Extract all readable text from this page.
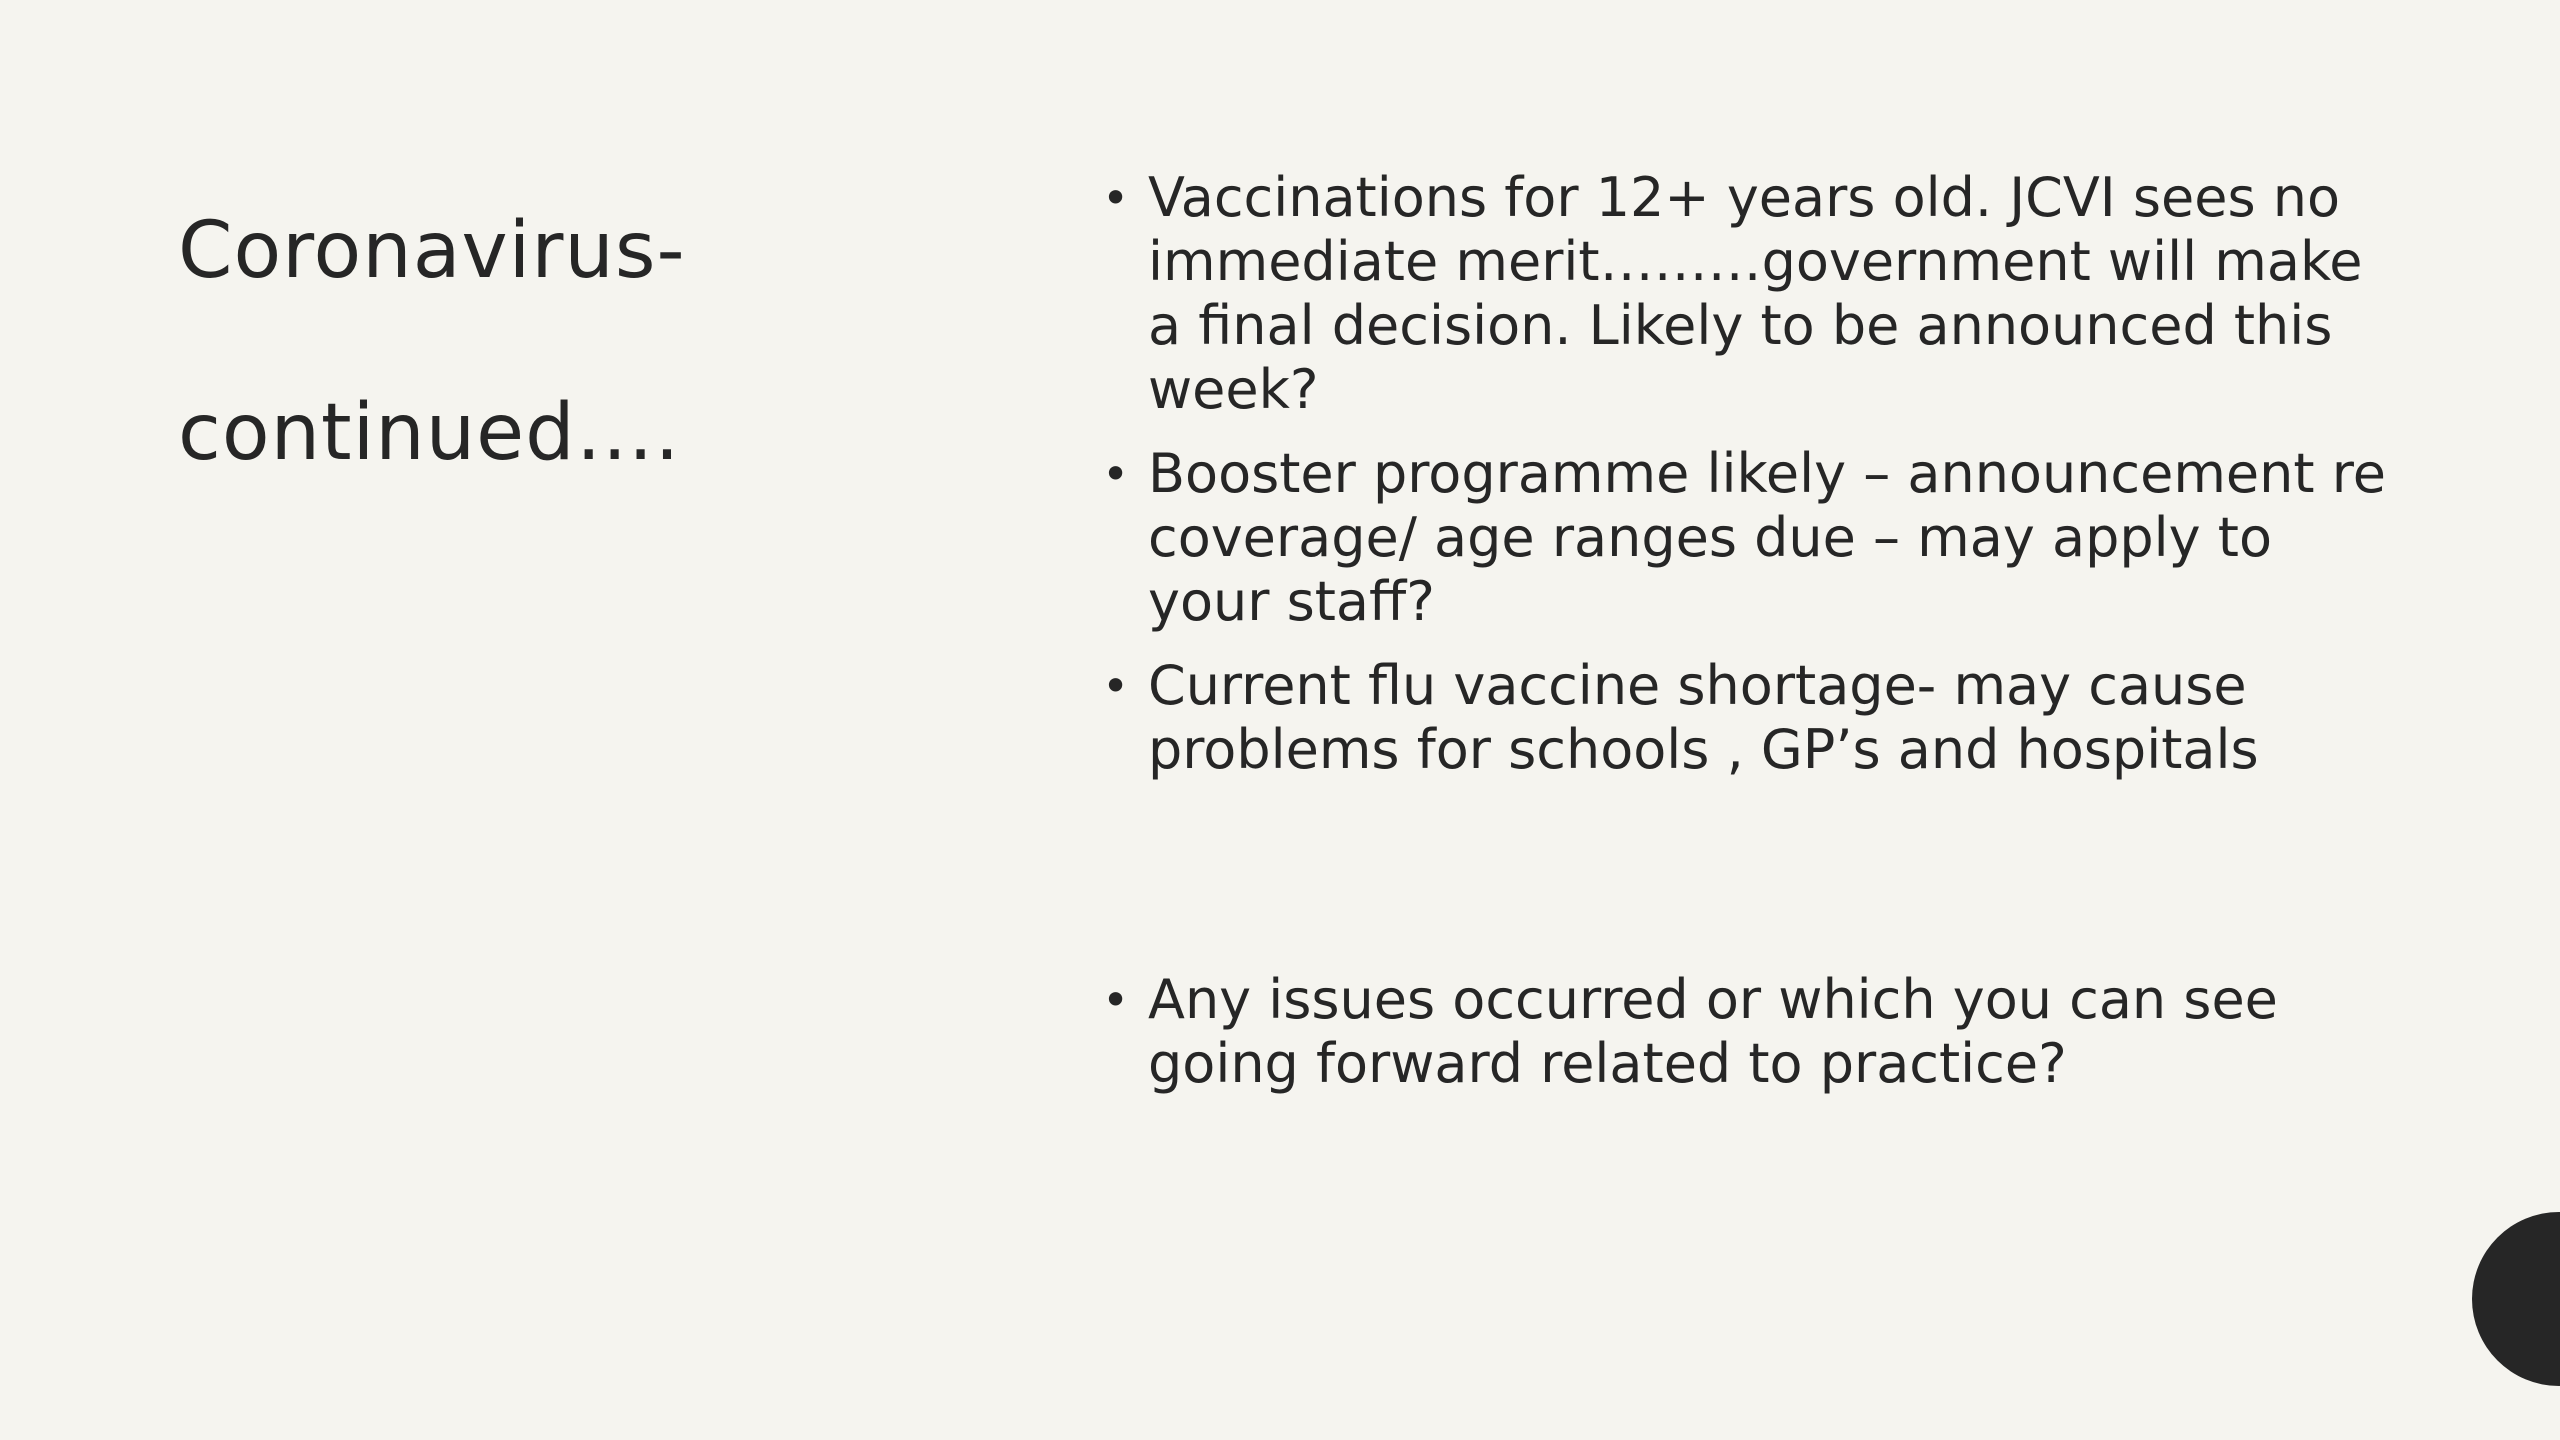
Coronavirus-
continued….
• Vaccinations for 12+ years old. JCVI sees no immediate merit………government will make a final decision. Likely to be announced this week?
• Booster programme likely – announcement re coverage/ age ranges due – may apply to your staff?
• Current flu vaccine shortage- may cause problems for schools , GP’s and hospitals
• Any issues occurred or which you can see going forward related to practice?
